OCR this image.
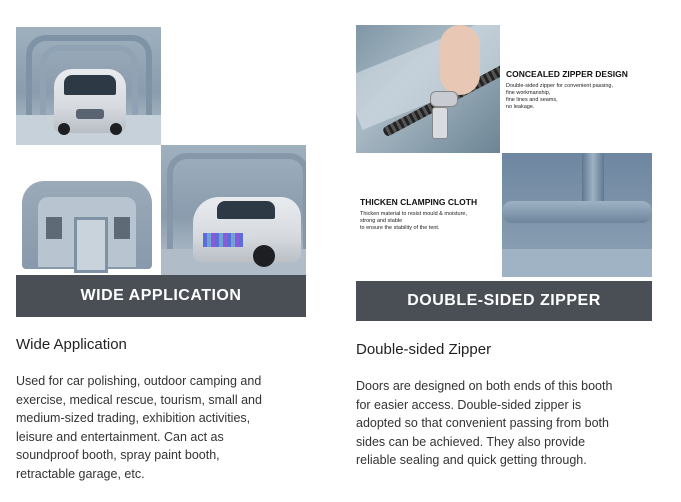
WIDE APPLICATION
CONCEALED ZIPPER DESIGN
Double-sided zipper for convenient passing,
fine workmanship,
fine lines and seams,
no leakage.
THICKEN CLAMPING CLOTH
Thicken material to resist mould & moisture,
strong and stable
to ensure the stability of the tent.
DOUBLE-SIDED ZIPPER
Wide Application
Used for car polishing, outdoor camping and
exercise, medical rescue, tourism, small and
medium-sized trading, exhibition activities,
leisure and entertainment. Can act as
soundproof booth, spray paint booth,
retractable garage, etc.
Double-sided Zipper
Doors are designed on both ends of this booth
for easier access. Double-sided zipper is
adopted so that convenient passing from both
sides can be achieved. They also provide
reliable sealing and quick getting through.
